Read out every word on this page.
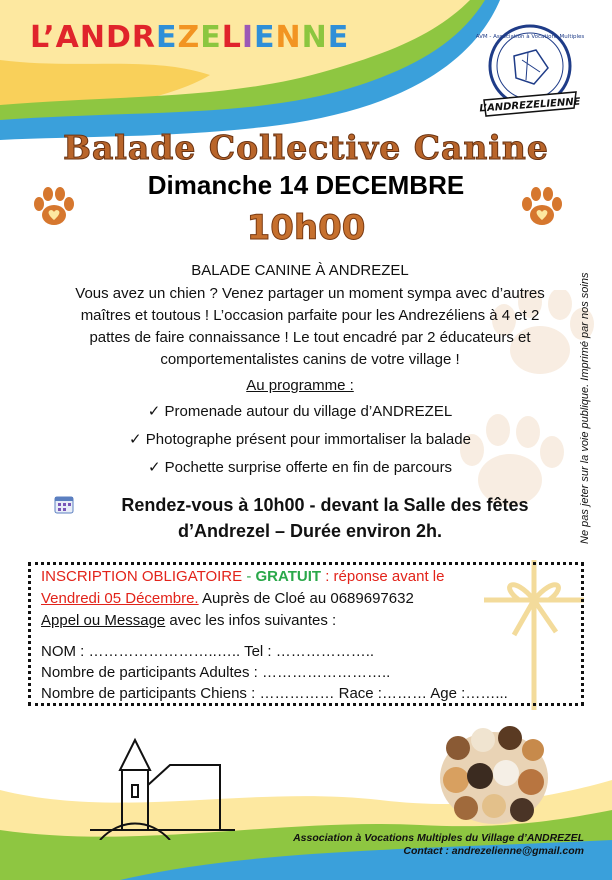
L’ANDREZELIENNE	AVM - Association à Vocations Multiples
L’ANDREZELIENNE
Balade Collective Canine
Dimanche 14 DECEMBRE
10h00
BALADE CANINE À ANDREZEL
Vous avez un chien ? Venez partager un moment sympa avec d’autres
maîtres et toutous ! L’occasion parfaite pour les Andrezéliens à 4 et 2
pattes de faire connaissance ! Le tout encadré par 2 éducateurs et
comportementalistes canins de votre village !
Au programme :
✓ Promenade autour du village d’ANDREZEL
✓ Photographe présent pour immortaliser la balade
✓ Pochette surprise offerte en fin de parcours
Rendez-vous à 10h00 - devant la Salle des fêtes
d’Andrezel – Durée environ 2h.	Ne pas jeter sur la voie publique. Imprimé par nos soins
INSCRIPTION OBLIGATOIRE - GRATUIT : réponse avant le
Vendredi 05 Décembre. Auprès de Cloé au 0689697632
Appel ou Message avec les infos suivantes :
NOM : ……………………..….. Tel : ………………..
Nombre de participants Adultes : ……………………..
Nombre de participants Chiens : …………… Race :……… Age :……...
Association à Vocations Multiples du Village d’ANDREZEL
Contact : andrezelienne@gmail.com
